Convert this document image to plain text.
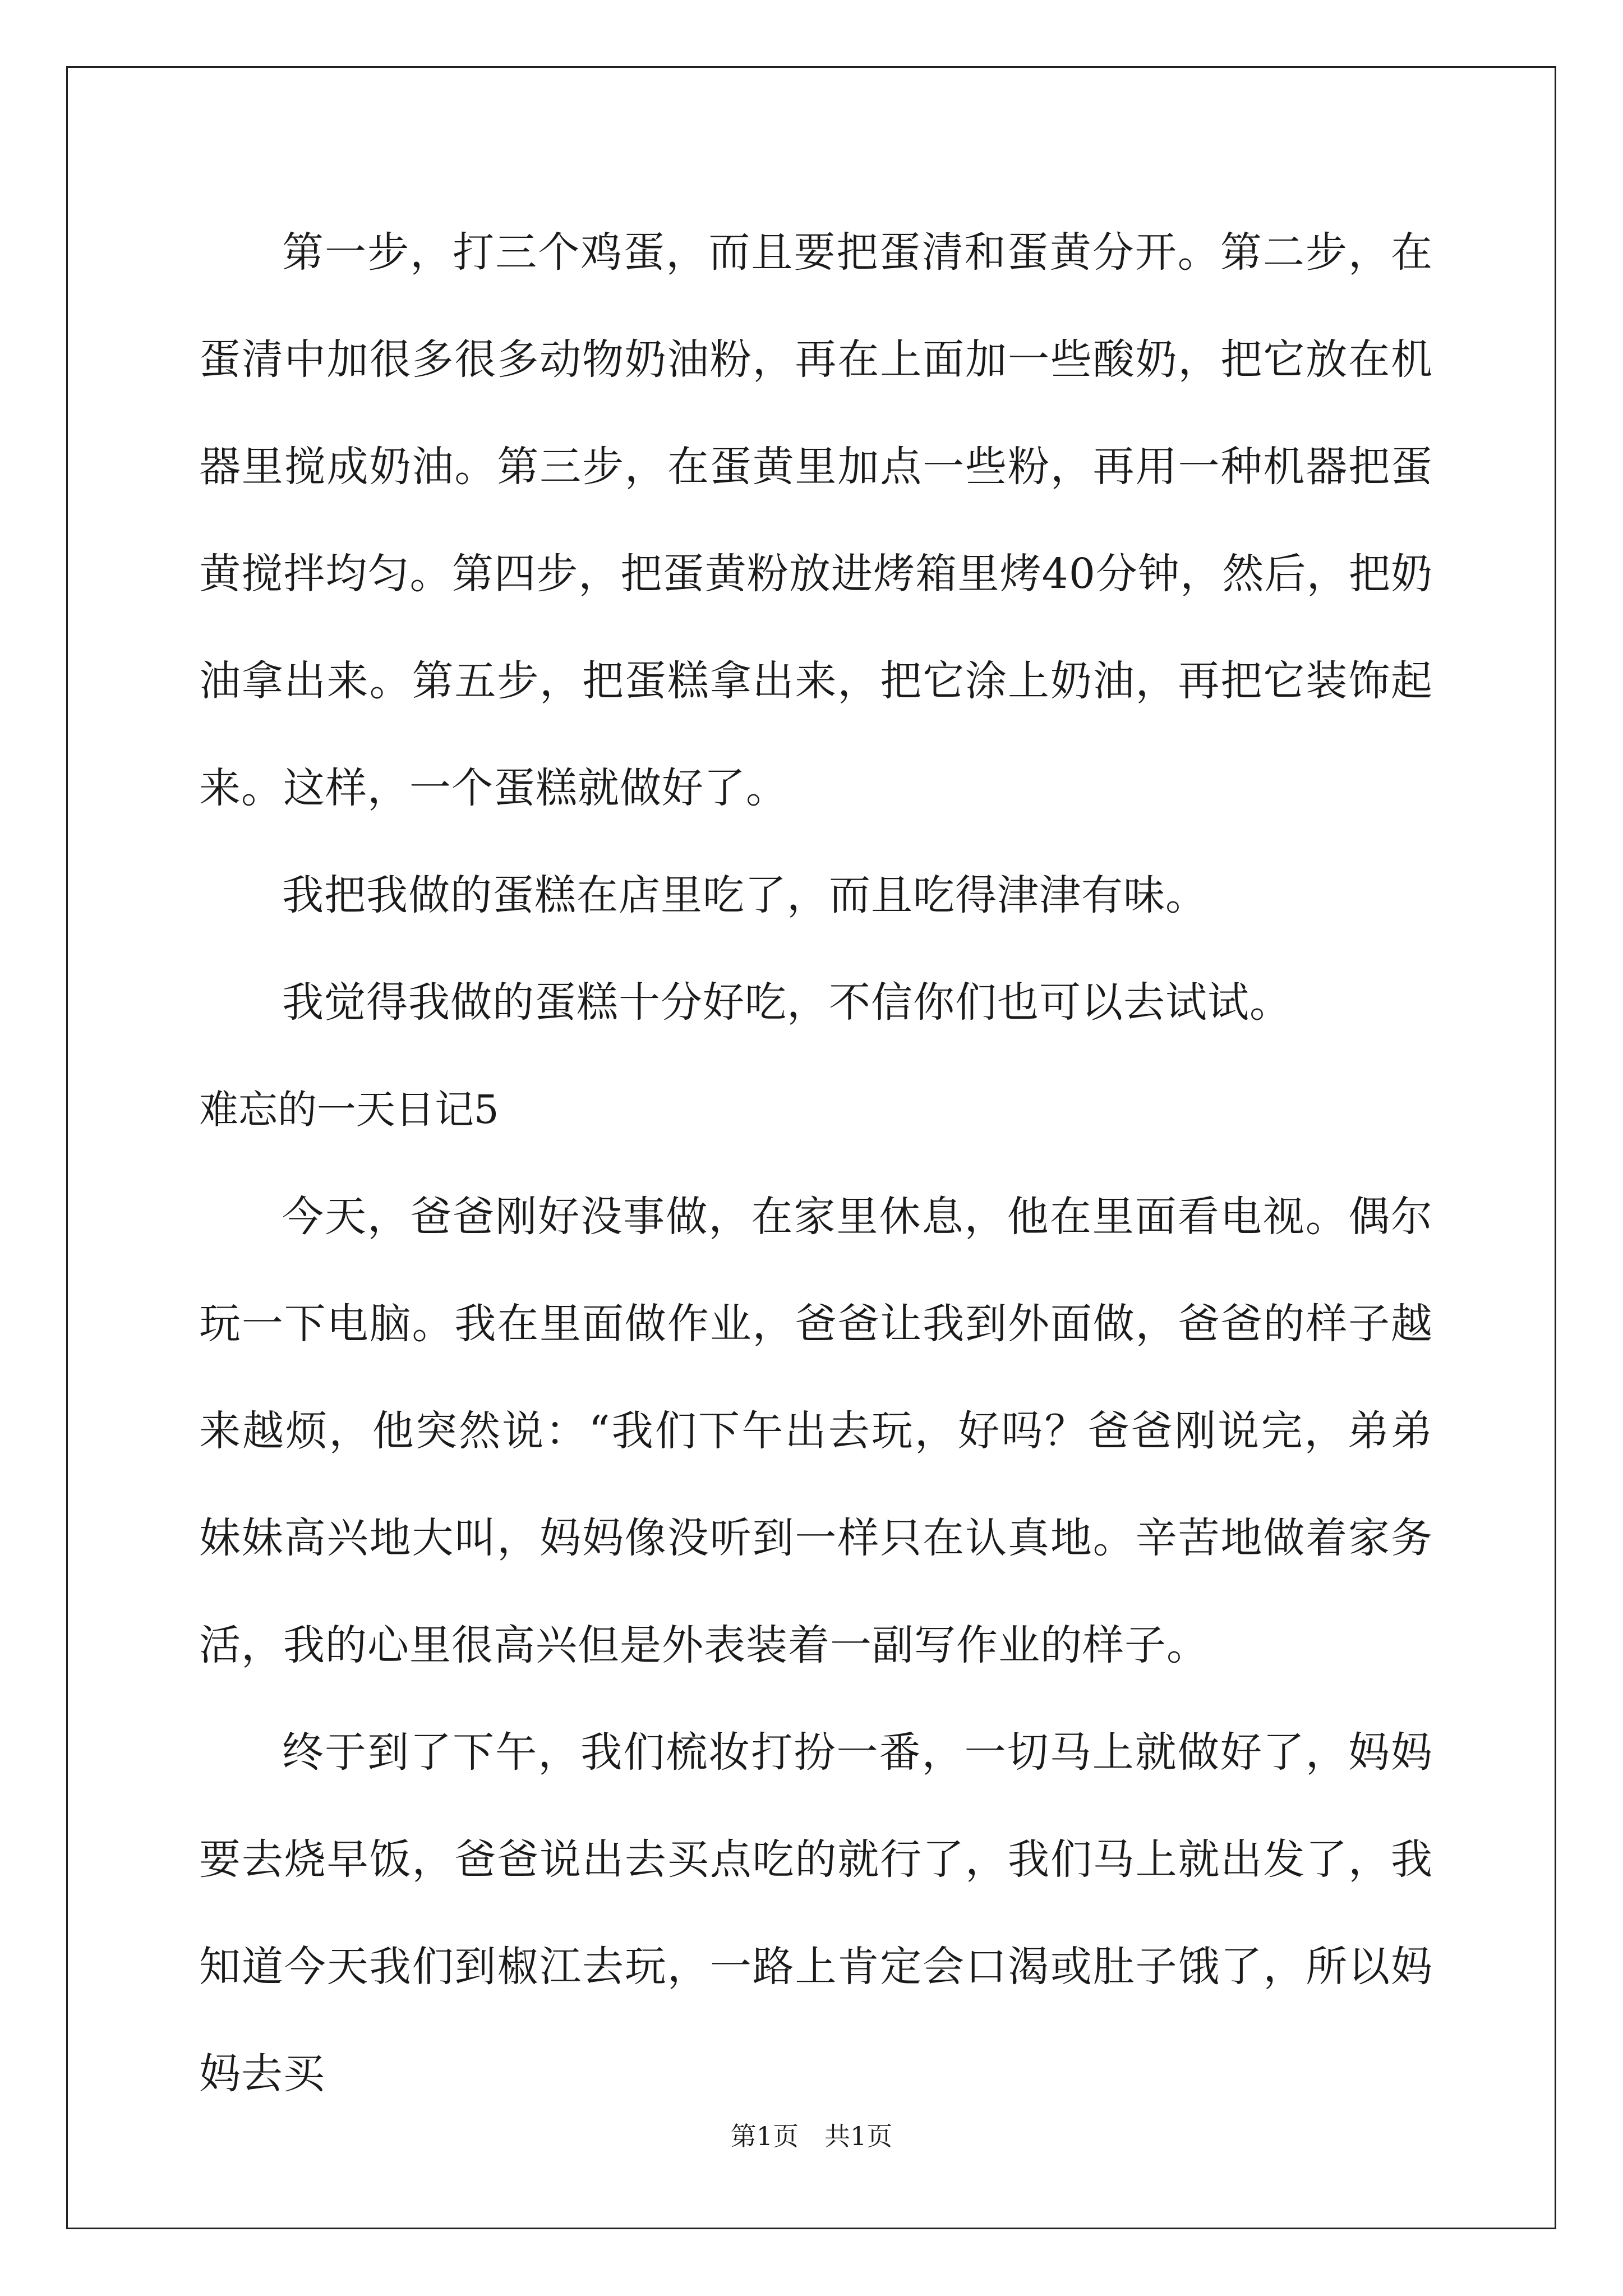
第一步，打三个鸡蛋，而且要把蛋清和蛋黄分开。第二步，在蛋清中加很多很多动物奶油粉，再在上面加一些酸奶，把它放在机器里搅成奶油。第三步，在蛋黄里加点一些粉，再用一种机器把蛋黄搅拌均匀。第四步，把蛋黄粉放进烤箱里烤40分钟，然后，把奶油拿出来。第五步，把蛋糕拿出来，把它涂上奶油，再把它装饰起来。这样，一个蛋糕就做好了。

我把我做的蛋糕在店里吃了，而且吃得津津有味。

我觉得我做的蛋糕十分好吃，不信你们也可以去试试。

难忘的一天日记5

今天，爸爸刚好没事做，在家里休息，他在里面看电视。偶尔玩一下电脑。我在里面做作业，爸爸让我到外面做，爸爸的样子越来越烦，他突然说：“我们下午出去玩，好吗？爸爸刚说完，弟弟妹妹高兴地大叫，妈妈像没听到一样只在认真地。辛苦地做着家务活，我的心里很高兴但是外表装着一副写作业的样子。

终于到了下午，我们梳妆打扮一番，一切马上就做好了，妈妈要去烧早饭，爸爸说出去买点吃的就行了，我们马上就出发了，我知道今天我们到椒江去玩，一路上肯定会口渴或肚子饿了，所以妈妈去买

第1页　共1页
